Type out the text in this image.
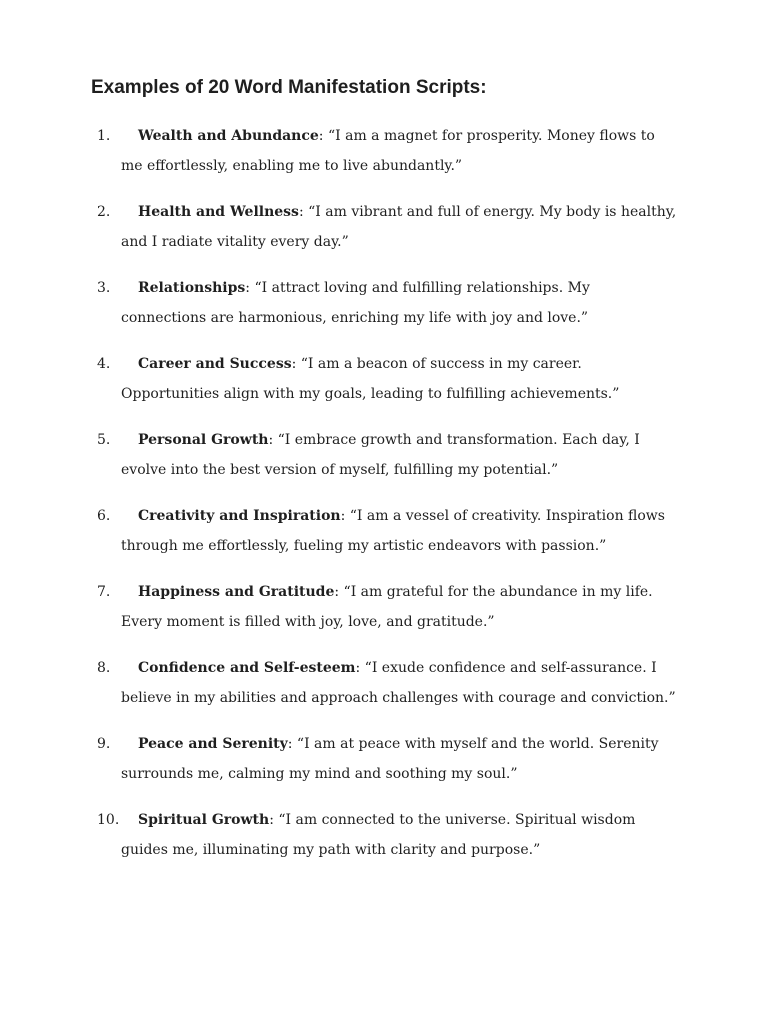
Examples of 20 Word Manifestation Scripts:
1.	Wealth and Abundance: “I am a magnet for prosperity. Money flows to me effortlessly, enabling me to live abundantly.”
2.	Health and Wellness: “I am vibrant and full of energy. My body is healthy, and I radiate vitality every day.”
3.	Relationships: “I attract loving and fulfilling relationships. My connections are harmonious, enriching my life with joy and love.”
4.	Career and Success: “I am a beacon of success in my career. Opportunities align with my goals, leading to fulfilling achievements.”
5.	Personal Growth: “I embrace growth and transformation. Each day, I evolve into the best version of myself, fulfilling my potential.”
6.	Creativity and Inspiration: “I am a vessel of creativity. Inspiration flows through me effortlessly, fueling my artistic endeavors with passion.”
7.	Happiness and Gratitude: “I am grateful for the abundance in my life. Every moment is filled with joy, love, and gratitude.”
8.	Confidence and Self-esteem: “I exude confidence and self-assurance. I believe in my abilities and approach challenges with courage and conviction.”
9.	Peace and Serenity: “I am at peace with myself and the world. Serenity surrounds me, calming my mind and soothing my soul.”
10.	Spiritual Growth: “I am connected to the universe. Spiritual wisdom guides me, illuminating my path with clarity and purpose.”
